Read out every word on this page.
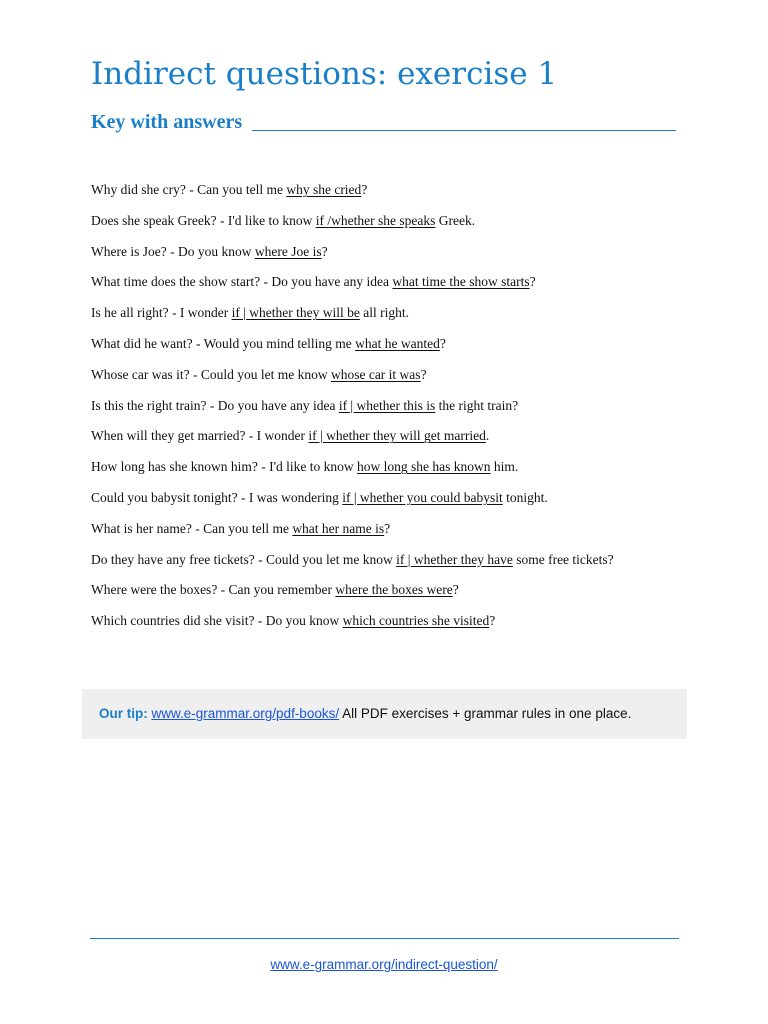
Indirect questions: exercise 1
Key with answers
Why did she cry? - Can you tell me why she cried?
Does she speak Greek? - I'd like to know if /whether she speaks Greek.
Where is Joe? - Do you know where Joe is?
What time does the show start? - Do you have any idea what time the show starts?
Is he all right? - I wonder if | whether they will be all right.
What did he want? - Would you mind telling me what he wanted?
Whose car was it? - Could you let me know whose car it was?
Is this the right train? - Do you have any idea if | whether this is the right train?
When will they get married? - I wonder if | whether they will get married.
How long has she known him? - I'd like to know how long she has known him.
Could you babysit tonight? - I was wondering if | whether you could babysit tonight.
What is her name? - Can you tell me what her name is?
Do they have any free tickets? - Could you let me know if | whether they have some free tickets?
Where were the boxes? - Can you remember where the boxes were?
Which countries did she visit? - Do you know which countries she visited?
Our tip: www.e-grammar.org/pdf-books/ All PDF exercises + grammar rules in one place.
www.e-grammar.org/indirect-question/
